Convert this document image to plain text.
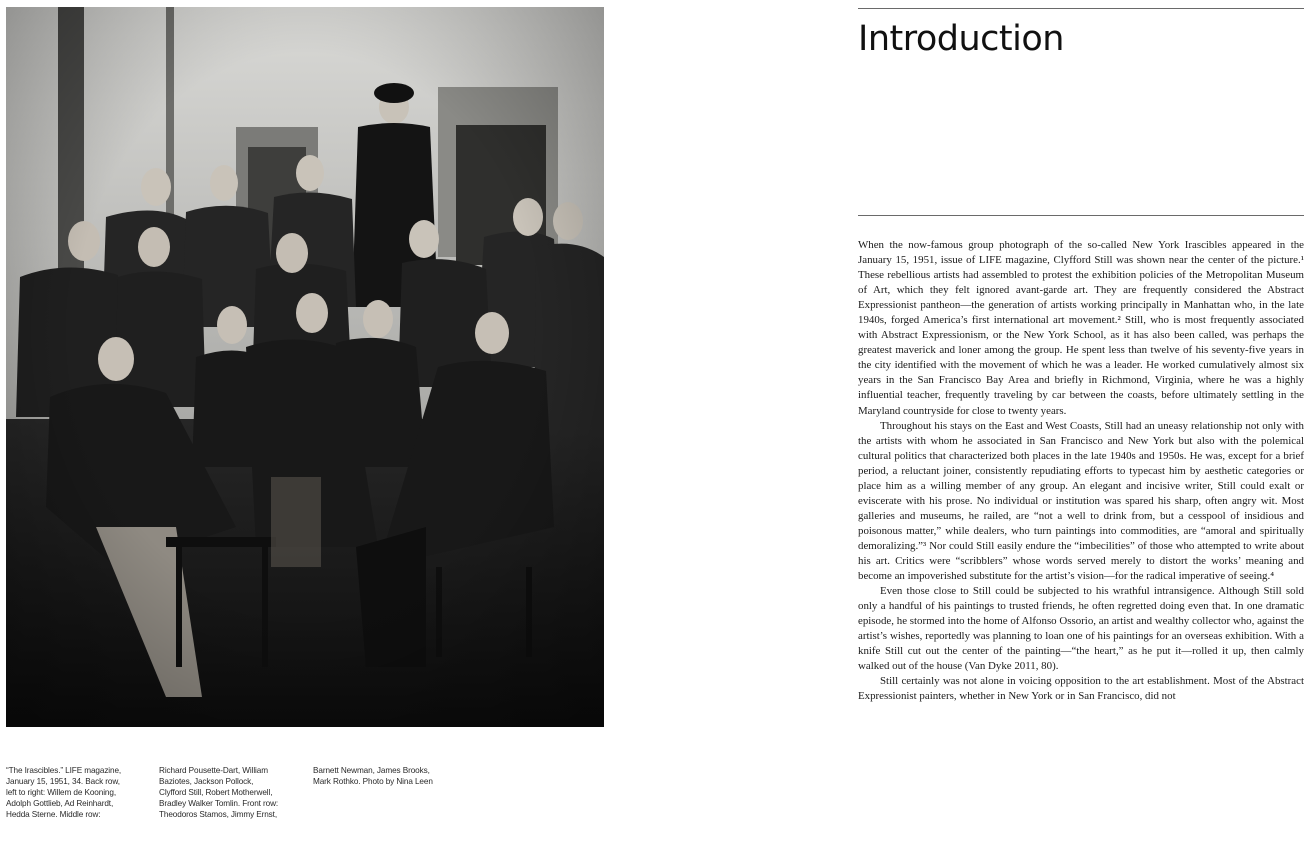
“The Irascibles.” LIFE magazine,
January 15, 1951, 34. Back row,
left to right: Willem de Kooning,
Adolph Gottlieb, Ad Reinhardt,
Hedda Sterne. Middle row:
Richard Pousette-Dart, William
Baziotes, Jackson Pollock,
Clyfford Still, Robert Motherwell,
Bradley Walker Tomlin. Front row:
Theodoros Stamos, Jimmy Ernst,
Barnett Newman, James Brooks,
Mark Rothko. Photo by Nina Leen
Introduction

When the now-famous group photograph of the so-called New York Irascibles appeared in the January 15, 1951, issue of LIFE magazine, Clyfford Still was shown near the center of the picture.¹ These rebellious artists had assembled to protest the exhibition policies of the Metropolitan Museum of Art, which they felt ignored avant-garde art. They are frequently considered the Abstract Expressionist pantheon—the generation of artists working principally in Manhattan who, in the late 1940s, forged America’s first international art movement.² Still, who is most frequently associated with Abstract Expressionism, or the New York School, as it has also been called, was perhaps the greatest maverick and loner among the group. He spent less than twelve of his seventy-five years in the city identified with the movement of which he was a leader. He worked cumulatively almost six years in the San Francisco Bay Area and briefly in Richmond, Virginia, where he was a highly influential teacher, frequently traveling by car between the coasts, before ultimately settling in the Maryland countryside for close to twenty years.

Throughout his stays on the East and West Coasts, Still had an uneasy relationship not only with the artists with whom he associated in San Francisco and New York but also with the polemical cultural politics that characterized both places in the late 1940s and 1950s. He was, except for a brief period, a reluctant joiner, consistently repudiating efforts to typecast him by aesthetic categories or place him as a willing member of any group. An elegant and incisive writer, Still could exalt or eviscerate with his prose. No individual or institution was spared his sharp, often angry wit. Most galleries and museums, he railed, are “not a well to drink from, but a cesspool of insidious and poisonous matter,” while dealers, who turn paintings into commodities, are “amoral and spiritually demoralizing.”³ Nor could Still easily endure the “imbecilities” of those who attempted to write about his art. Critics were “scribblers” whose words served merely to distort the works’ meaning and become an impoverished substitute for the artist’s vision—for the radical imperative of seeing.⁴

Even those close to Still could be subjected to his wrathful intransigence. Although Still sold only a handful of his paintings to trusted friends, he often regretted doing even that. In one dramatic episode, he stormed into the home of Alfonso Ossorio, an artist and wealthy collector who, against the artist’s wishes, reportedly was planning to loan one of his paintings for an overseas exhibition. With a knife Still cut out the center of the painting—“the heart,” as he put it—rolled it up, then calmly walked out of the house (Van Dyke 2011, 80).

Still certainly was not alone in voicing opposition to the art establishment. Most of the Abstract Expressionist painters, whether in New York or in San Francisco, did not
